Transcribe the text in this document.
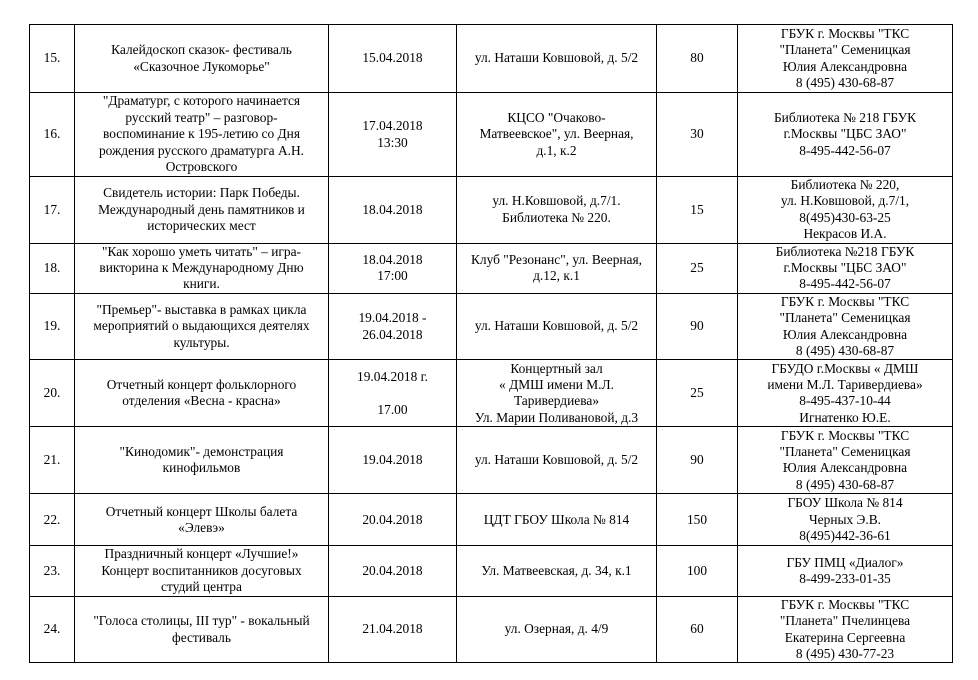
15.	Калейдоскоп сказок- фестиваль
«Сказочное Лукоморье"	15.04.2018	ул. Наташи Ковшовой, д. 5/2	80	ГБУК г. Москвы "ТКС
"Планета" Семеницкая
Юлия Александровна
8 (495) 430-68-87
16.	"Драматург, с которого начинается
русский театр" – разговор-
воспоминание к 195-летию со Дня
рождения русского драматурга А.Н.
Островского	17.04.2018
13:30	КЦСО "Очаково-
Матвеевское", ул. Веерная,
д.1, к.2	30	Библиотека № 218 ГБУК
г.Москвы "ЦБС ЗАО"
8-495-442-56-07
17.	Свидетель истории: Парк Победы.
Международный день памятников и
исторических мест	18.04.2018	ул. Н.Ковшовой, д.7/1.
Библиотека № 220.	15	Библиотека № 220,
ул. Н.Ковшовой, д.7/1,
8(495)430-63-25
Некрасов И.А.
18.	"Как хорошо уметь читать" – игра-
викторина к Международному Дню
книги.	18.04.2018
17:00	Клуб "Резонанс", ул. Веерная,
д.12, к.1	25	Библиотека №218 ГБУК
г.Москвы "ЦБС ЗАО"
8-495-442-56-07
19.	"Премьер"- выставка в рамках цикла
мероприятий о выдающихся деятелях
культуры.	19.04.2018 -
26.04.2018	ул. Наташи Ковшовой, д. 5/2	90	ГБУК г. Москвы "ТКС
"Планета" Семеницкая
Юлия Александровна
8 (495) 430-68-87
20.	Отчетный концерт фольклорного
отделения «Весна - красна»	19.04.2018 г.

17.00	Концертный зал
« ДМШ имени М.Л.
Таривердиева»
Ул. Марии Поливановой, д.3	25	ГБУДО г.Москвы « ДМШ
имени М.Л. Таривердиева»
8-495-437-10-44
Игнатенко Ю.Е.
21.	"Кинодомик"- демонстрация
кинофильмов	19.04.2018	ул. Наташи Ковшовой, д. 5/2	90	ГБУК г. Москвы "ТКС
"Планета" Семеницкая
Юлия Александровна
8 (495) 430-68-87
22.	Отчетный концерт Школы балета
«Элевэ»	20.04.2018	ЦДТ ГБОУ Школа № 814	150	ГБОУ Школа № 814
Черных Э.В.
8(495)442-36-61
23.	Праздничный концерт «Лучшие!»
Концерт воспитанников досуговых
студий центра	20.04.2018	Ул. Матвеевская, д. 34, к.1	100	ГБУ ПМЦ «Диалог»
8-499-233-01-35
24.	"Голоса столицы, III тур" - вокальный
фестиваль	21.04.2018	ул. Озерная, д. 4/9	60	ГБУК г. Москвы "ТКС
"Планета" Пчелинцева
Екатерина Сергеевна
8 (495) 430-77-23
